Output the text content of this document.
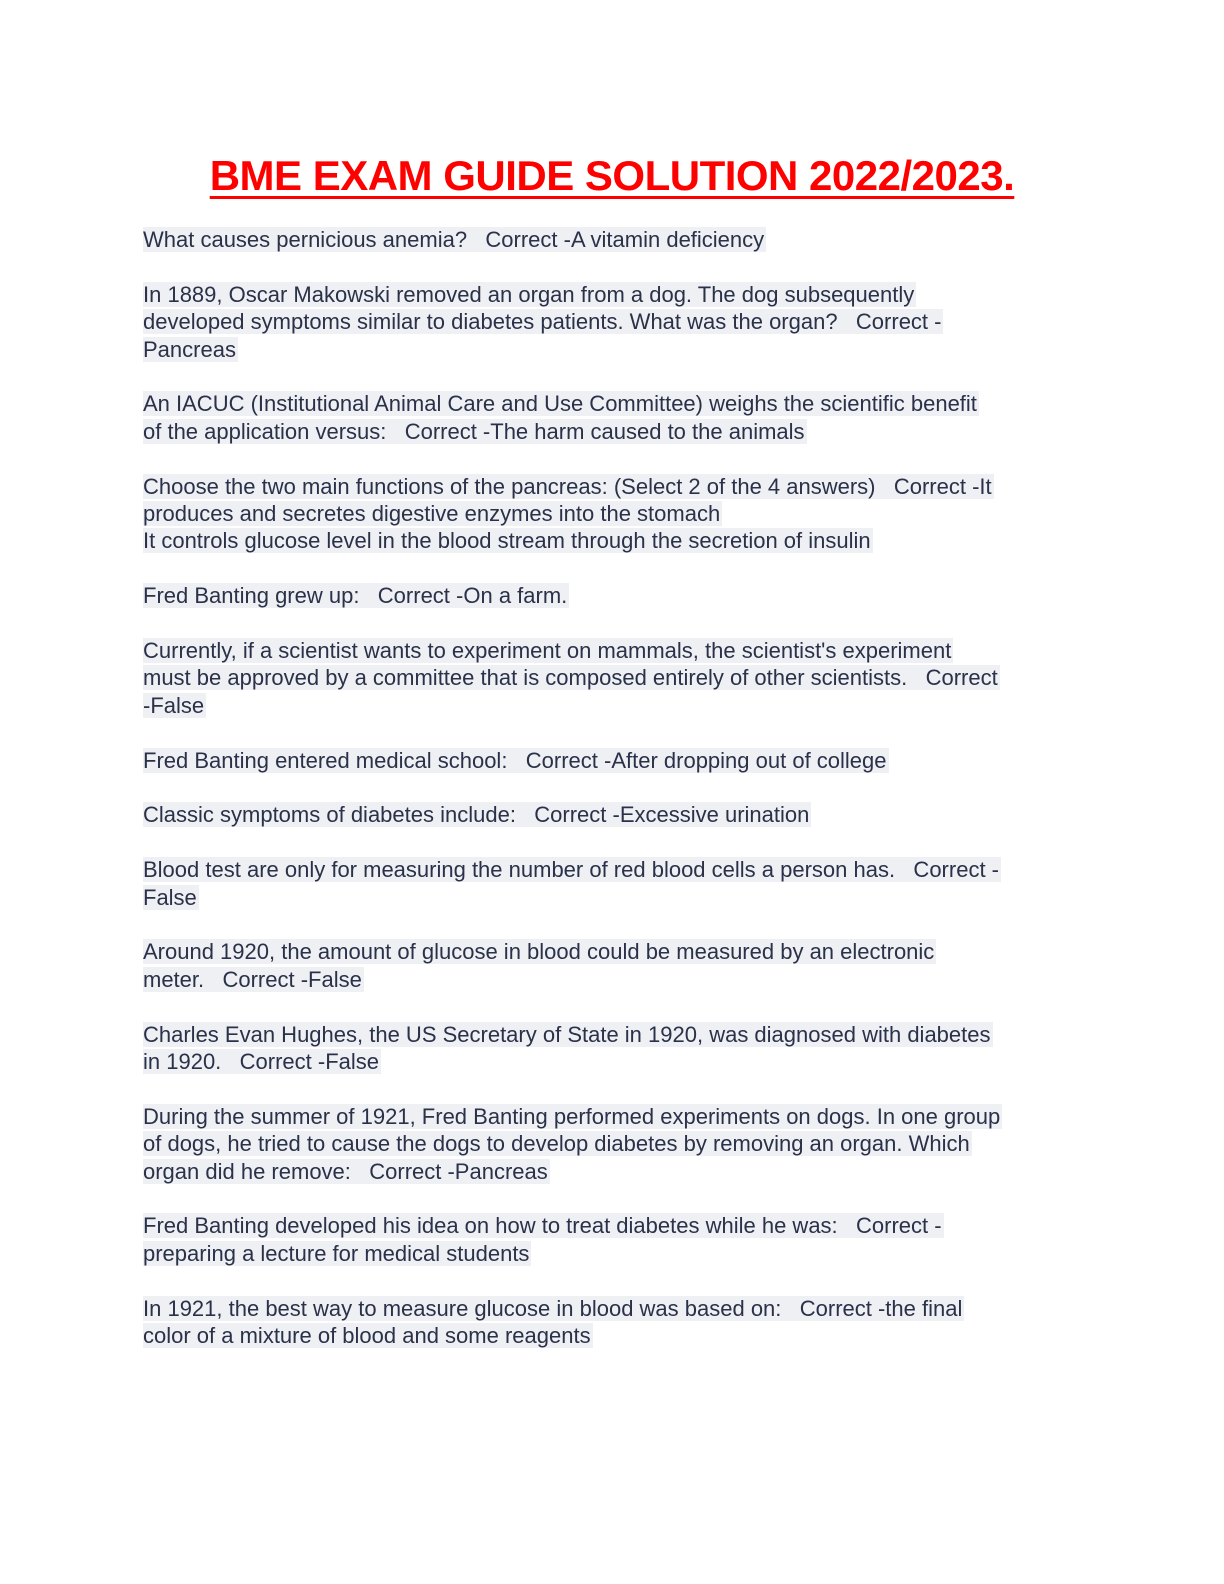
BME EXAM GUIDE SOLUTION 2022/2023.

What causes pernicious anemia?   Correct -A vitamin deficiency

In 1889, Oscar Makowski removed an organ from a dog. The dog subsequently
developed symptoms similar to diabetes patients. What was the organ?   Correct -
Pancreas

An IACUC (Institutional Animal Care and Use Committee) weighs the scientific benefit
of the application versus:   Correct -The harm caused to the animals

Choose the two main functions of the pancreas: (Select 2 of the 4 answers)   Correct -It
produces and secretes digestive enzymes into the stomach
It controls glucose level in the blood stream through the secretion of insulin

Fred Banting grew up:   Correct -On a farm.

Currently, if a scientist wants to experiment on mammals, the scientist's experiment
must be approved by a committee that is composed entirely of other scientists.   Correct
-False

Fred Banting entered medical school:   Correct -After dropping out of college

Classic symptoms of diabetes include:   Correct -Excessive urination

Blood test are only for measuring the number of red blood cells a person has.   Correct -
False

Around 1920, the amount of glucose in blood could be measured by an electronic
meter.   Correct -False

Charles Evan Hughes, the US Secretary of State in 1920, was diagnosed with diabetes
in 1920.   Correct -False

During the summer of 1921, Fred Banting performed experiments on dogs. In one group
of dogs, he tried to cause the dogs to develop diabetes by removing an organ. Which
organ did he remove:   Correct -Pancreas

Fred Banting developed his idea on how to treat diabetes while he was:   Correct -
preparing a lecture for medical students

In 1921, the best way to measure glucose in blood was based on:   Correct -the final
color of a mixture of blood and some reagents
